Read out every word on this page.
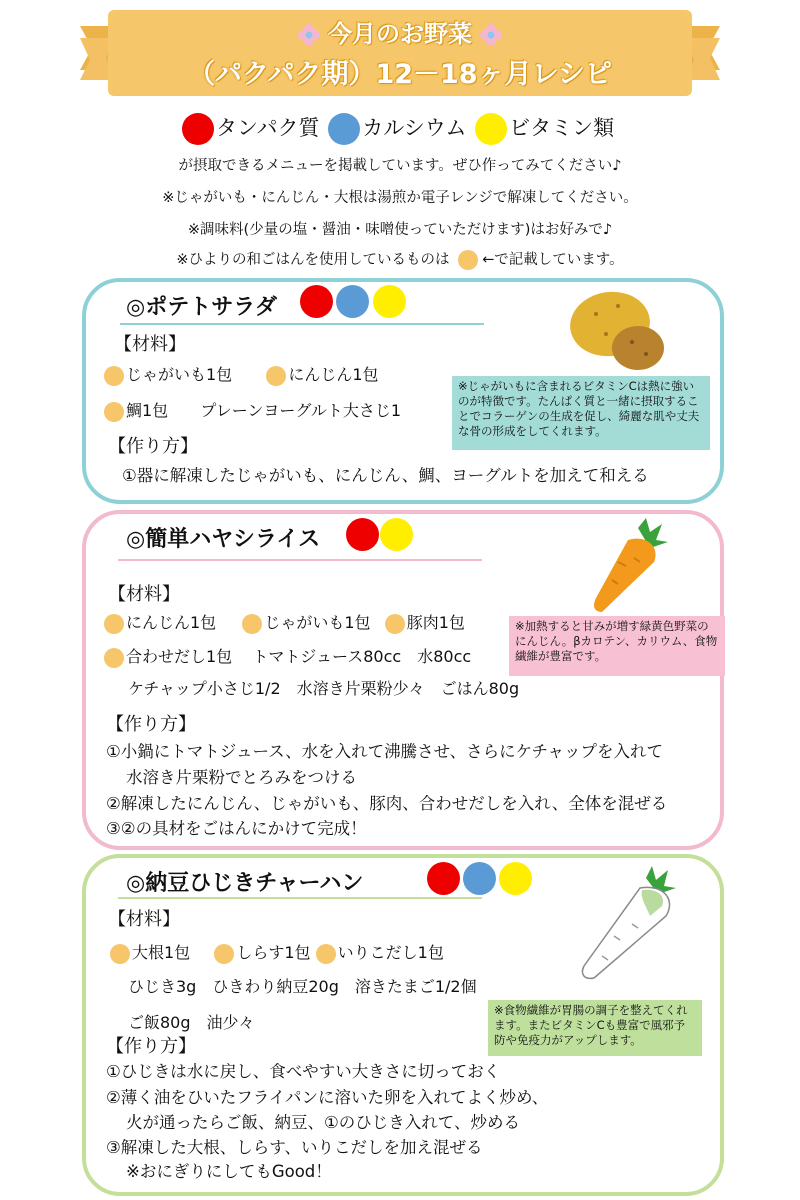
今月のお野菜
（パクパク期）12－18ヶ月レシピ
タンパク質 カルシウム ビタミン類
が摂取できるメニューを掲載しています。ぜひ作ってみてください♪
※じゃがいも・にんじん・大根は湯煎か電子レンジで解凍してください。
※調味料(少量の塩・醤油・味噌使っていただけます)はお好みで♪
※ひよりの和ごはんを使用しているものは ←で記載しています。
◎ポテトサラダ
【材料】
じゃがいも1包	にんじん1包
鯛1包 プレーンヨーグルト大さじ1
【作り方】
①器に解凍したじゃがいも、にんじん、鯛、ヨーグルトを加えて和える
※じゃがいもに含まれるビタミンCは熱に強いのが特徴です。たんぱく質と一緒に摂取することでコラーゲンの生成を促し、綺麗な肌や丈夫な骨の形成をしてくれます。
◎簡単ハヤシライス
【材料】
にんじん1包	じゃがいも1包 豚肉1包
合わせだし1包 トマトジュース80cc　水80cc
ケチャップ小さじ1/2　水溶き片栗粉少々　ごはん80g
【作り方】
①小鍋にトマトジュース、水を入れて沸騰させ、さらにケチャップを入れて
水溶き片栗粉でとろみをつける
②解凍したにんじん、じゃがいも、豚肉、合わせだしを入れ、全体を混ぜる
③②の具材をごはんにかけて完成！
※加熱すると甘みが増す緑黄色野菜のにんじん。βカロテン、カリウム、食物繊維が豊富です。
◎納豆ひじきチャーハン
【材料】
大根1包	しらす1包 いりこだし1包
ひじき3g　ひきわり納豆20g　溶きたまご1/2個
ご飯80g　油少々
【作り方】
①ひじきは水に戻し、食べやすい大きさに切っておく
②薄く油をひいたフライパンに溶いた卵を入れてよく炒め、
火が通ったらご飯、納豆、①のひじき入れて、炒める
③解凍した大根、しらす、いりこだしを加え混ぜる
※おにぎりにしてもGood！
※食物繊維が胃腸の調子を整えてくれます。またビタミンCも豊富で風邪予防や免疫力がアップします。
